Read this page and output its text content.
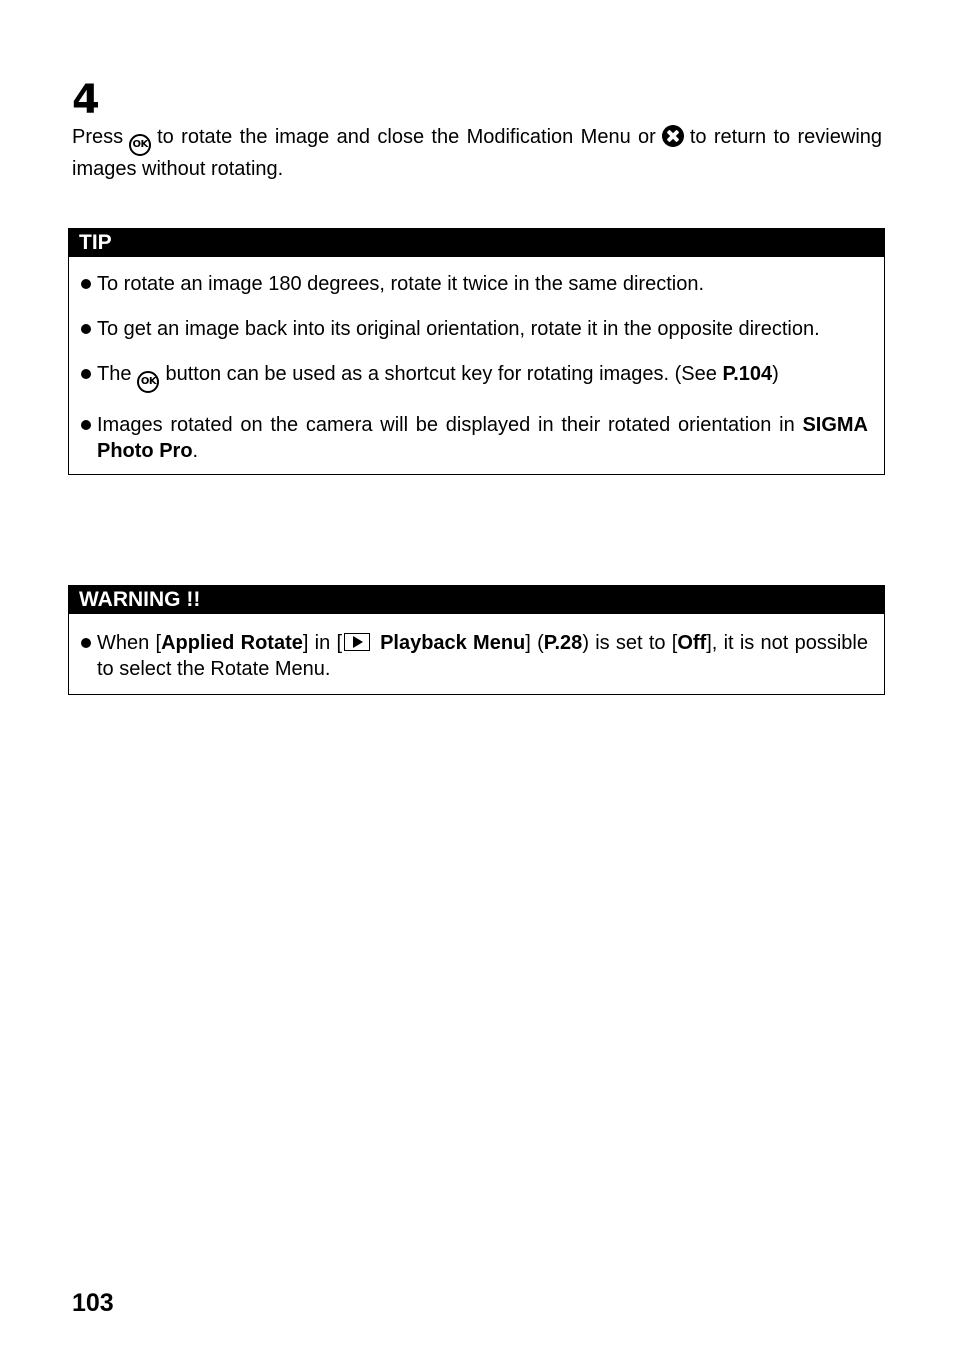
4
Press OK to rotate the image and close the Modification Menu or to return to reviewing images without rotating.
TIP
To rotate an image 180 degrees, rotate it twice in the same direction.
To get an image back into its original orientation, rotate it in the opposite direction.
The OK button can be used as a shortcut key for rotating images. (See P.104)
Images rotated on the camera will be displayed in their rotated orientation in SIGMA Photo Pro.
WARNING !!
When [Applied Rotate] in [ Playback Menu] (P.28) is set to [Off], it is not possible to select the Rotate Menu.
103
